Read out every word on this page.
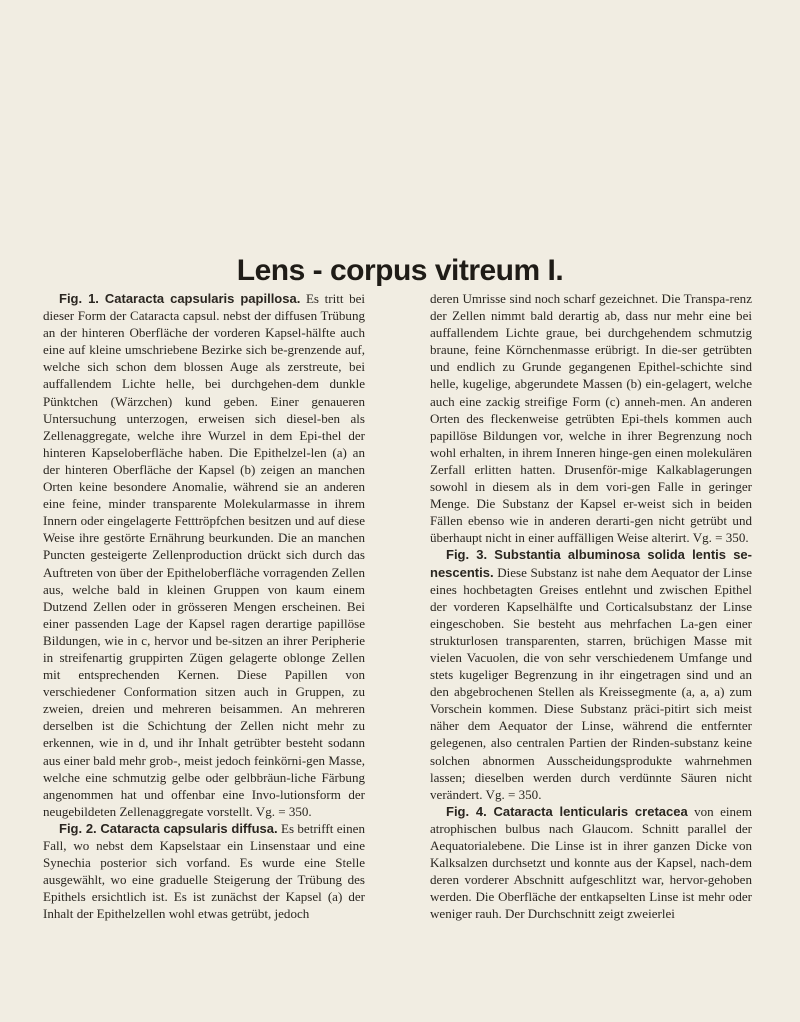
Lens - corpus vitreum I.

Fig. 1. Cataracta capsularis papillosa. Es tritt bei dieser Form der Cataracta capsul. nebst der diffusen Trübung an der hinteren Oberfläche der vorderen Kapsel-hälfte auch eine auf kleine umschriebene Bezirke sich be-grenzende auf, welche sich schon dem blossen Auge als zerstreute, bei auffallendem Lichte helle, bei durchgehen-dem dunkle Pünktchen (Wärzchen) kund geben. Einer genaueren Untersuchung unterzogen, erweisen sich diesel-ben als Zellenaggregate, welche ihre Wurzel in dem Epi-thel der hinteren Kapseloberfläche haben. Die Epithelzel-len (a) an der hinteren Oberfläche der Kapsel (b) zeigen an manchen Orten keine besondere Anomalie, während sie an anderen eine feine, minder transparente Molekularmasse in ihrem Innern oder eingelagerte Fetttröpfchen besitzen und auf diese Weise ihre gestörte Ernährung beurkunden. Die an manchen Puncten gesteigerte Zellenproduction drückt sich durch das Auftreten von über der Epitheloberfläche vorragenden Zellen aus, welche bald in kleinen Gruppen von kaum einem Dutzend Zellen oder in grösseren Mengen erscheinen. Bei einer passenden Lage der Kapsel ragen derartige papillöse Bildungen, wie in c, hervor und be-sitzen an ihrer Peripherie in streifenartig gruppirten Zügen gelagerte oblonge Zellen mit entsprechenden Kernen. Diese Papillen von verschiedener Conformation sitzen auch in Gruppen, zu zweien, dreien und mehreren beisammen. An mehreren derselben ist die Schichtung der Zellen nicht mehr zu erkennen, wie in d, und ihr Inhalt getrübter besteht sodann aus einer bald mehr grob-, meist jedoch feinkörni-gen Masse, welche eine schmutzig gelbe oder gelbbräun-liche Färbung angenommen hat und offenbar eine Invo-lutionsform der neugebildeten Zellenaggregate vorstellt. Vg. = 350.

Fig. 2. Cataracta capsularis diffusa. Es betrifft einen Fall, wo nebst dem Kapselstaar ein Linsenstaar und eine Synechia posterior sich vorfand. Es wurde eine Stelle ausgewählt, wo eine graduelle Steigerung der Trübung des Epithels ersichtlich ist. Es ist zunächst der Kapsel (a) der Inhalt der Epithelzellen wohl etwas getrübt, jedoch

deren Umrisse sind noch scharf gezeichnet. Die Transpa-renz der Zellen nimmt bald derartig ab, dass nur mehr eine bei auffallendem Lichte graue, bei durchgehendem schmutzig braune, feine Körnchenmasse erübrigt. In die-ser getrübten und endlich zu Grunde gegangenen Epithel-schichte sind helle, kugelige, abgerundete Massen (b) ein-gelagert, welche auch eine zackig streifige Form (c) anneh-men. An anderen Orten des fleckenweise getrübten Epi-thels kommen auch papillöse Bildungen vor, welche in ihrer Begrenzung noch wohl erhalten, in ihrem Inneren hinge-gen einen molekulären Zerfall erlitten hatten. Drusenför-mige Kalkablagerungen sowohl in diesem als in dem vori-gen Falle in geringer Menge. Die Substanz der Kapsel er-weist sich in beiden Fällen ebenso wie in anderen derarti-gen nicht getrübt und überhaupt nicht in einer auffälligen Weise alterirt. Vg. = 350.

Fig. 3. Substantia albuminosa solida lentis se-nescentis. Diese Substanz ist nahe dem Aequator der Linse eines hochbetagten Greises entlehnt und zwischen Epithel der vorderen Kapselhälfte und Corticalsubstanz der Linse eingeschoben. Sie besteht aus mehrfachen La-gen einer strukturlosen transparenten, starren, brüchigen Masse mit vielen Vacuolen, die von sehr verschiedenem Umfange und stets kugeliger Begrenzung in ihr eingetragen sind und an den abgebrochenen Stellen als Kreissegmente (a, a, a) zum Vorschein kommen. Diese Substanz präci-pitirt sich meist näher dem Aequator der Linse, während die entfernter gelegenen, also centralen Partien der Rinden-substanz keine solchen abnormen Ausscheidungsprodukte wahrnehmen lassen; dieselben werden durch verdünnte Säuren nicht verändert. Vg. = 350.

Fig. 4. Cataracta lenticularis cretacea von einem atrophischen bulbus nach Glaucom. Schnitt parallel der Aequatorialebene. Die Linse ist in ihrer ganzen Dicke von Kalksalzen durchsetzt und konnte aus der Kapsel, nach-dem deren vorderer Abschnitt aufgeschlitzt war, hervor-gehoben werden. Die Oberfläche der entkapselten Linse ist mehr oder weniger rauh. Der Durchschnitt zeigt zweierlei
